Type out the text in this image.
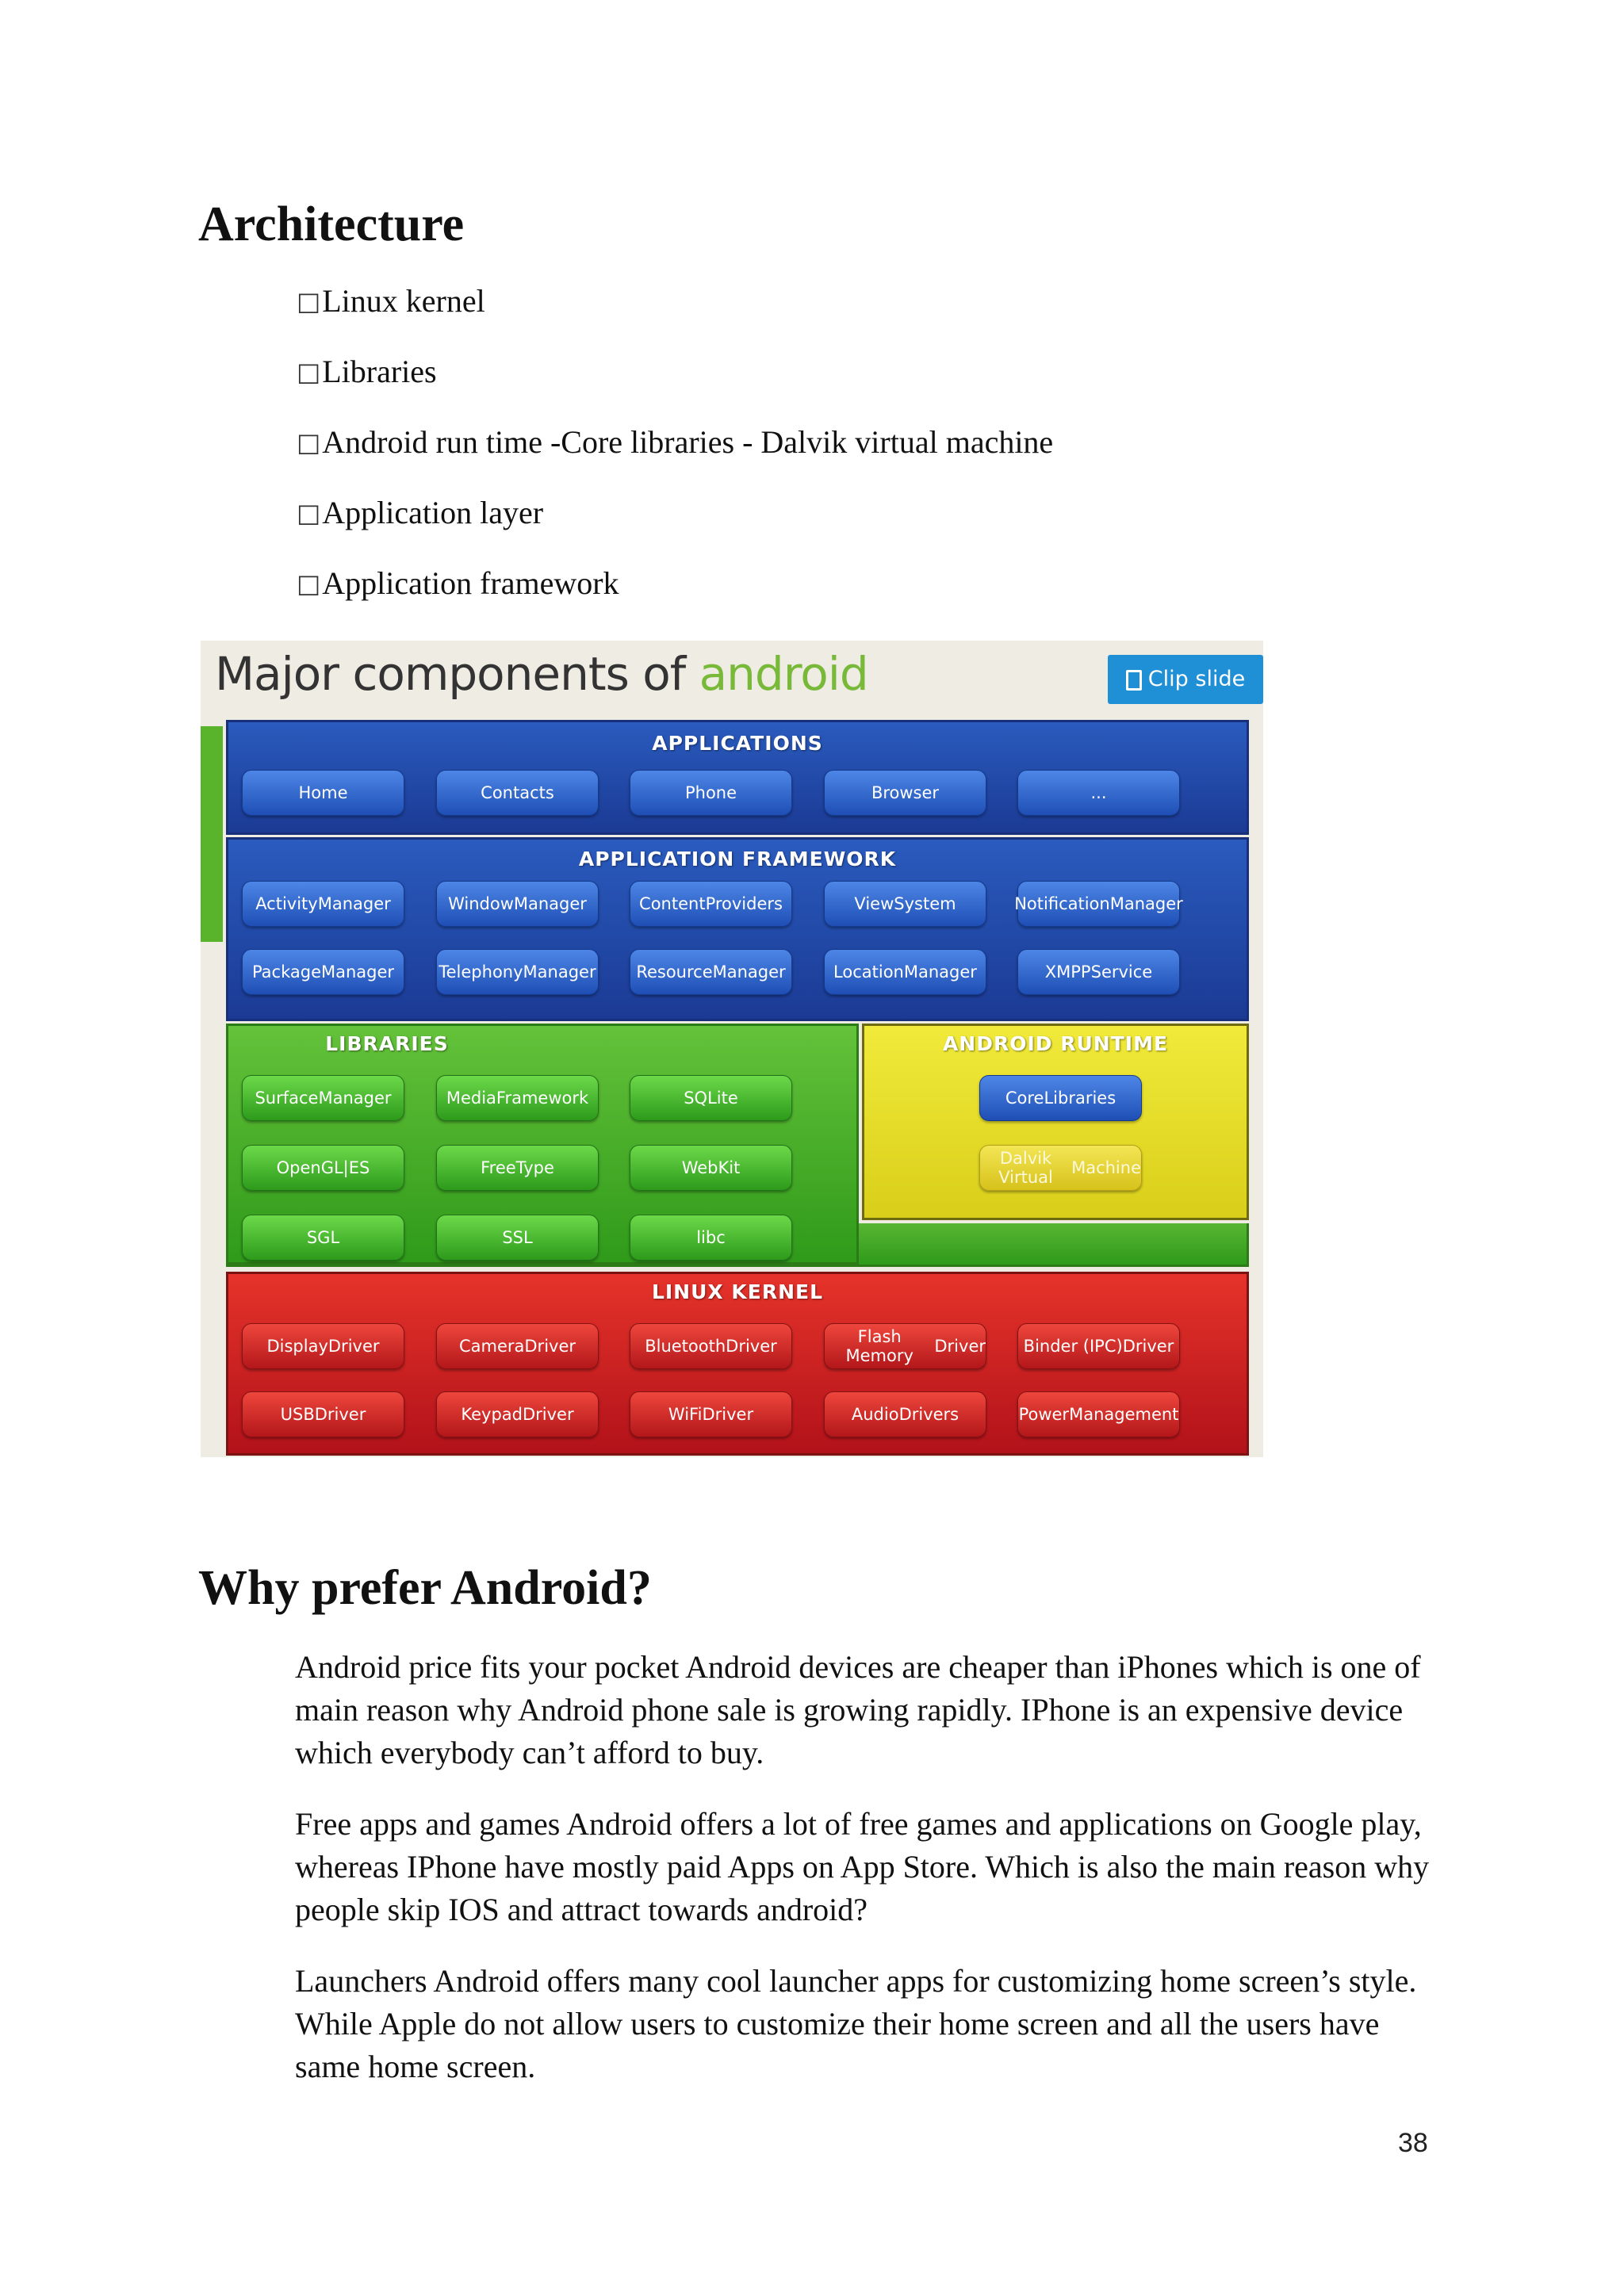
Architecture
□Linux kernel
□Libraries
□Android run time -Core libraries - Dalvik virtual machine
□Application layer
□Application framework
Major components of android	Clip slide
APPLICATIONS
Home	Contacts	Phone	Browser	...
APPLICATION FRAMEWORK
Activity Manager	Window Manager	Content Providers	View System	Notification Manager
Package Manager	Telephony Manager Resource Manager	Location Manager	XMPP Service
LIBRARIES
Surface Manager	Media Framework	SQLite
OpenGL|ES	FreeType	WebKit
SGL	SSL	libc
ANDROID RUNTIME
Core Libraries
Dalvik Virtual	Machine
LINUX KERNEL
Display Driver	Camera Driver	Bluetooth Driver	Flash Memory	Driver Binder (IPC) Driver
USB Driver	Keypad Driver	WiFi Driver	Audio Drivers	Power Management
Why prefer Android?

Android price fits your pocket Android devices are cheaper than iPhones which is one of main reason why Android phone sale is growing rapidly. IPhone is an expensive device which everybody can’t afford to buy.

Free apps and games Android offers a lot of free games and applications on Google play, whereas IPhone have mostly paid Apps on App Store. Which is also the main reason why people skip IOS and attract towards android?

Launchers Android offers many cool launcher apps for customizing home screen’s style. While Apple do not allow users to customize their home screen and all the users have same home screen.

38
